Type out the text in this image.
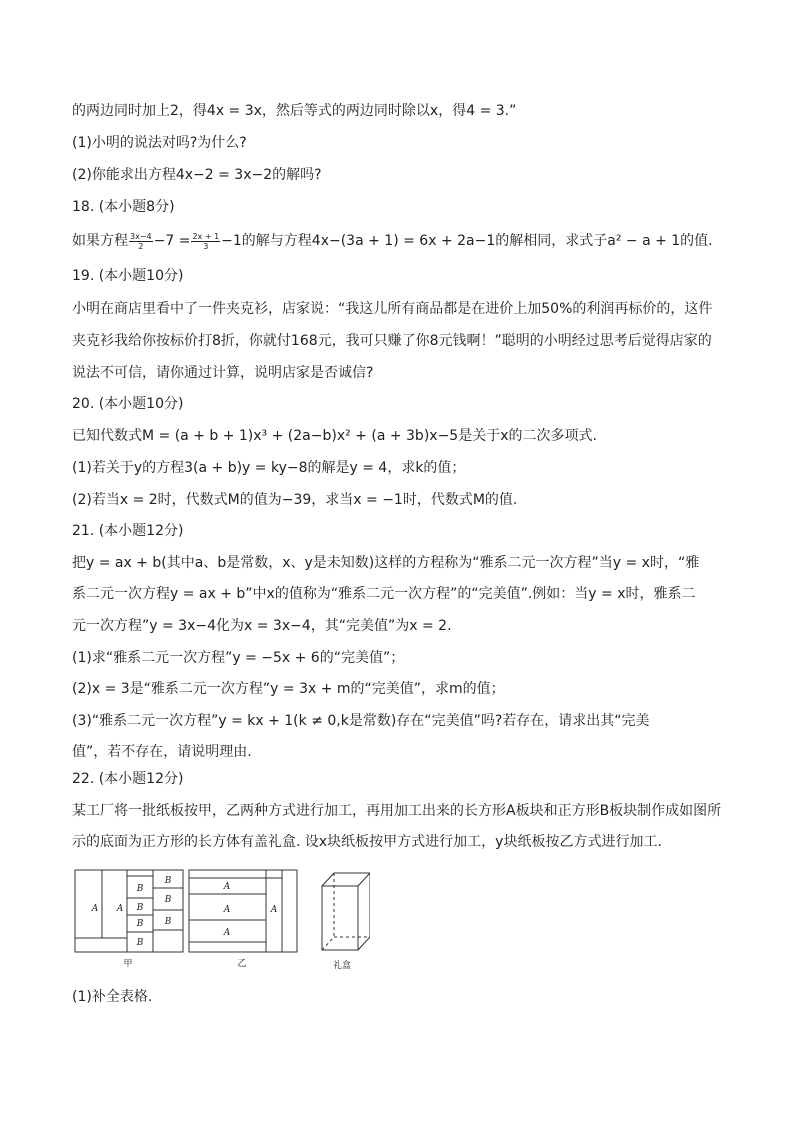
的两边同时加上2，得4x = 3x，然后等式的两边同时除以x，得4 = 3.”
(1)小明的说法对吗?为什么?
(2)你能求出方程4x−2 = 3x−2的解吗?
18. (本小题8分)
如果方程 $\frac{3x-4}{2} -7 = \frac{2x + 1}{3} -1$的解与方程4x−(3a + 1) = 6x + 2a−1的解相同，求式子a² − a + 1的值.
19. (本小题10分)
小明在商店里看中了一件夹克衫，店家说：“我这儿所有商品都是在进价上加50%的利润再标价的，这件
夹克衫我给你按标价打8折，你就付168元，我可只赚了你8元钱啊！”聪明的小明经过思考后觉得店家的
说法不可信，请你通过计算，说明店家是否诚信?
20. (本小题10分)
已知代数式M = (a + b + 1)x³ + (2a−b)x² + (a + 3b)x−5是关于x的二次多项式.
(1)若关于y的方程3(a + b)y = ky−8的解是y = 4，求k的值；
(2)若当x = 2时，代数式M的值为−39，求当x = −1时，代数式M的值.
21. (本小题12分)
把y = ax + b(其中a、b是常数，x、y是未知数)这样的方程称为“雅系二元一次方程”当y = x时，“雅
系二元一次方程y = ax + b”中x的值称为“雅系二元一次方程”的“完美值”.例如：当y = x时，雅系二
元一次方程”y = 3x−4化为x = 3x−4，其“完美值”为x = 2.
(1)求“雅系二元一次方程”y = −5x + 6的“完美值”；
(2)x = 3是“雅系二元一次方程”y = 3x + m的“完美值”，求m的值；
(3)“雅系二元一次方程”y = kx + 1(k ≠ 0,k是常数)存在“完美值”吗?若存在，请求出其“完美
值”，若不存在，请说明理由.
22. (本小题12分)
某工厂将一批纸板按甲，乙两种方式进行加工，再用加工出来的长方形A板块和正方形B板块制作成如图所
示的底面为正方形的长方体有盖礼盒. 设x块纸板按甲方式进行加工，y块纸板按乙方式进行加工.
A A
B
B
B
B
B
B
B
A
A
A
A
甲	乙	礼盒
(1)补全表格.
